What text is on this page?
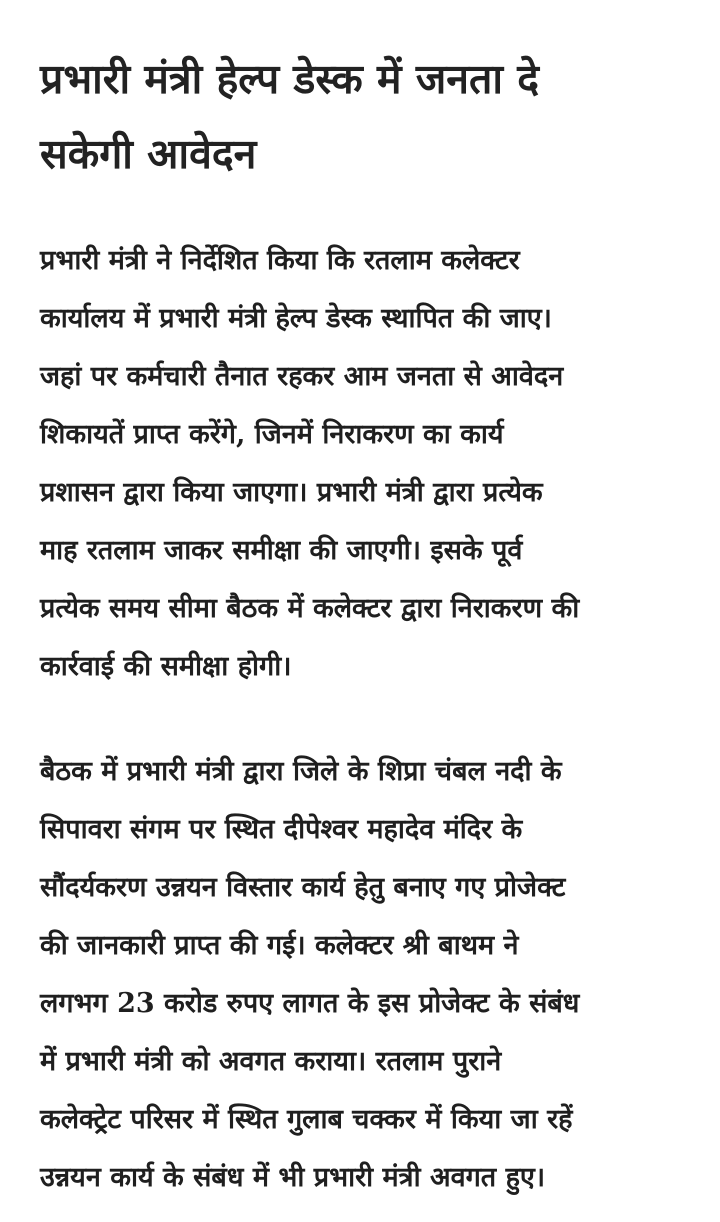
प्रभारी मंत्री हेल्प डेस्क में जनता दे
सकेगी आवेदन

प्रभारी मंत्री ने निर्देशित किया कि रतलाम कलेक्टर
कार्यालय में प्रभारी मंत्री हेल्प डेस्क स्थापित की जाए।
जहां पर कर्मचारी तैनात रहकर आम जनता से आवेदन
शिकायतें प्राप्त करेंगे, जिनमें निराकरण का कार्य
प्रशासन द्वारा किया जाएगा। प्रभारी मंत्री द्वारा प्रत्येक
माह रतलाम जाकर समीक्षा की जाएगी। इसके पूर्व
प्रत्येक समय सीमा बैठक में कलेक्टर द्वारा निराकरण की
कार्रवाई की समीक्षा होगी।

बैठक में प्रभारी मंत्री द्वारा जिले के शिप्रा चंबल नदी के
सिपावरा संगम पर स्थित दीपेश्वर महादेव मंदिर के
सौंदर्यकरण उन्नयन विस्तार कार्य हेतु बनाए गए प्रोजेक्ट
की जानकारी प्राप्त की गई। कलेक्टर श्री बाथम ने
लगभग 23 करोड रुपए लागत के इस प्रोजेक्ट के संबंध
में प्रभारी मंत्री को अवगत कराया। रतलाम पुराने
कलेक्ट्रेट परिसर में स्थित गुलाब चक्कर में किया जा रहें
उन्नयन कार्य के संबंध में भी प्रभारी मंत्री अवगत हुए।
